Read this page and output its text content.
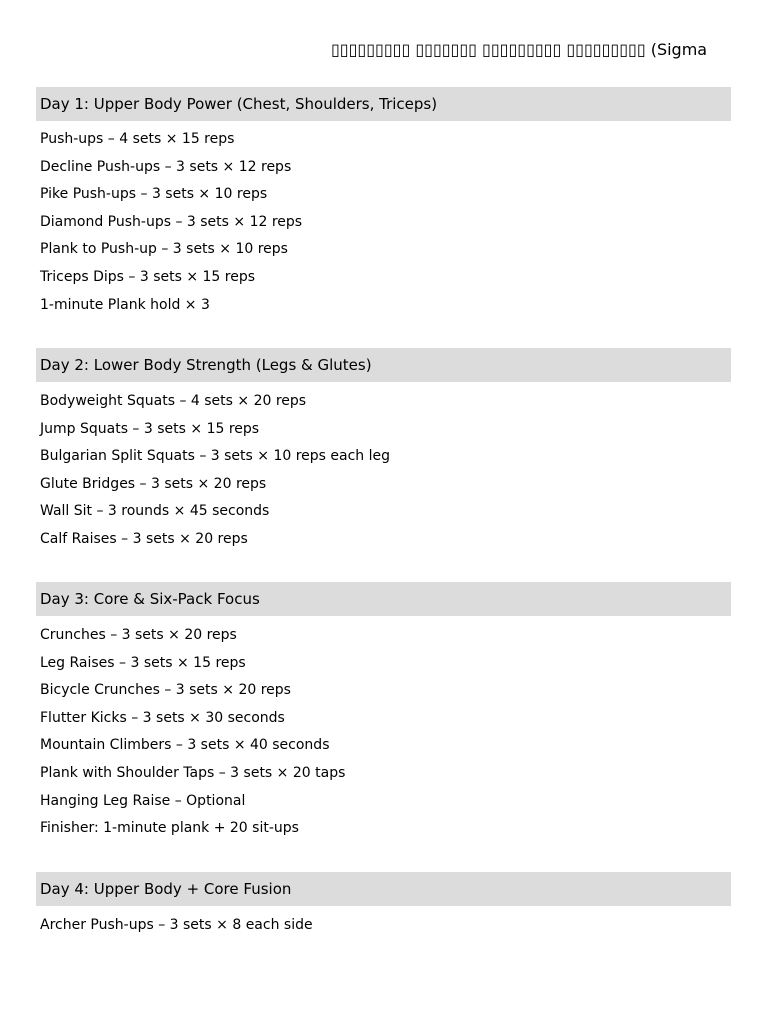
▯▯▯▯▯▯▯▯▯ ▯▯▯▯▯▯▯ ▯▯▯▯▯▯▯▯▯ ▯▯▯▯▯▯▯▯▯ (Sigma
Day 1: Upper Body Power (Chest, Shoulders, Triceps)
Push-ups – 4 sets × 15 reps
Decline Push-ups – 3 sets × 12 reps
Pike Push-ups – 3 sets × 10 reps
Diamond Push-ups – 3 sets × 12 reps
Plank to Push-up – 3 sets × 10 reps
Triceps Dips – 3 sets × 15 reps
1-minute Plank hold × 3
Day 2: Lower Body Strength (Legs & Glutes)
Bodyweight Squats – 4 sets × 20 reps
Jump Squats – 3 sets × 15 reps
Bulgarian Split Squats – 3 sets × 10 reps each leg
Glute Bridges – 3 sets × 20 reps
Wall Sit – 3 rounds × 45 seconds
Calf Raises – 3 sets × 20 reps
Day 3: Core & Six-Pack Focus
Crunches – 3 sets × 20 reps
Leg Raises – 3 sets × 15 reps
Bicycle Crunches – 3 sets × 20 reps
Flutter Kicks – 3 sets × 30 seconds
Mountain Climbers – 3 sets × 40 seconds
Plank with Shoulder Taps – 3 sets × 20 taps
Hanging Leg Raise – Optional
Finisher: 1-minute plank + 20 sit-ups
Day 4: Upper Body + Core Fusion
Archer Push-ups – 3 sets × 8 each side
